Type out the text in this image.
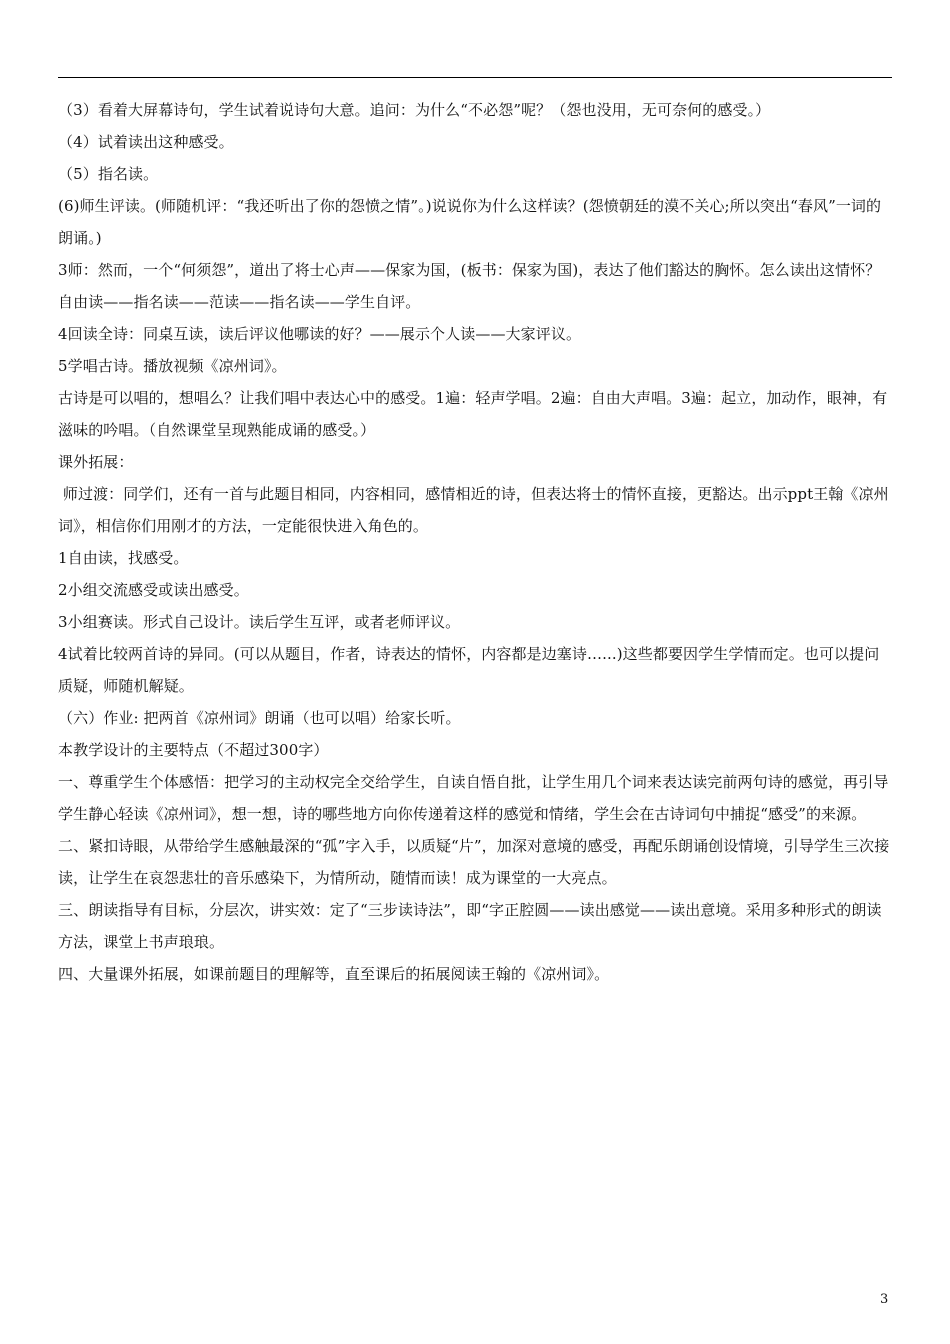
（3）看着大屏幕诗句，学生试着说诗句大意。追问：为什么“不必怨”呢？（怨也没用，无可奈何的感受。）

（4）试着读出这种感受。

（5）指名读。

(6)师生评读。(师随机评：“我还听出了你的怨愤之情”。)说说你为什么这样读？(怨愤朝廷的漠不关心;所以突出“春风”一词的朗诵。)

3师：然而，一个“何须怨”，道出了将士心声——保家为国，(板书：保家为国)，表达了他们豁达的胸怀。怎么读出这情怀？自由读——指名读——范读——指名读——学生自评。

4回读全诗：同桌互读，读后评议他哪读的好？——展示个人读——大家评议。

5学唱古诗。播放视频《凉州词》。

古诗是可以唱的，想唱么？让我们唱中表达心中的感受。1遍：轻声学唱。2遍：自由大声唱。3遍：起立，加动作，眼神，有滋味的吟唱。（自然课堂呈现熟能成诵的感受。）

课外拓展：

师过渡：同学们，还有一首与此题目相同，内容相同，感情相近的诗，但表达将士的情怀直接，更豁达。出示ppt王翰《凉州词》，相信你们用刚才的方法，一定能很快进入角色的。

1自由读，找感受。

2小组交流感受或读出感受。

3小组赛读。形式自己设计。读后学生互评，或者老师评议。

4试着比较两首诗的异同。(可以从题目，作者，诗表达的情怀，内容都是边塞诗…...)这些都要因学生学情而定。也可以提问质疑，师随机解疑。

（六）作业: 把两首《凉州词》朗诵（也可以唱）给家长听。

本教学设计的主要特点（不超过300字）

一、尊重学生个体感悟：把学习的主动权完全交给学生，自读自悟自批，让学生用几个词来表达读完前两句诗的感觉，再引导学生静心轻读《凉州词》，想一想，诗的哪些地方向你传递着这样的感觉和情绪，学生会在古诗词句中捕捉“感受”的来源。

二、紧扣诗眼，从带给学生感触最深的“孤”字入手，以质疑“片”，加深对意境的感受，再配乐朗诵创设情境，引导学生三次接读，让学生在哀怨悲壮的音乐感染下，为情所动，随情而读！成为课堂的一大亮点。

三、朗读指导有目标，分层次，讲实效：定了“三步读诗法”，即“字正腔圆——读出感觉——读出意境。采用多种形式的朗读方法，课堂上书声琅琅。

四、大量课外拓展，如课前题目的理解等，直至课后的拓展阅读王翰的《凉州词》。

3
